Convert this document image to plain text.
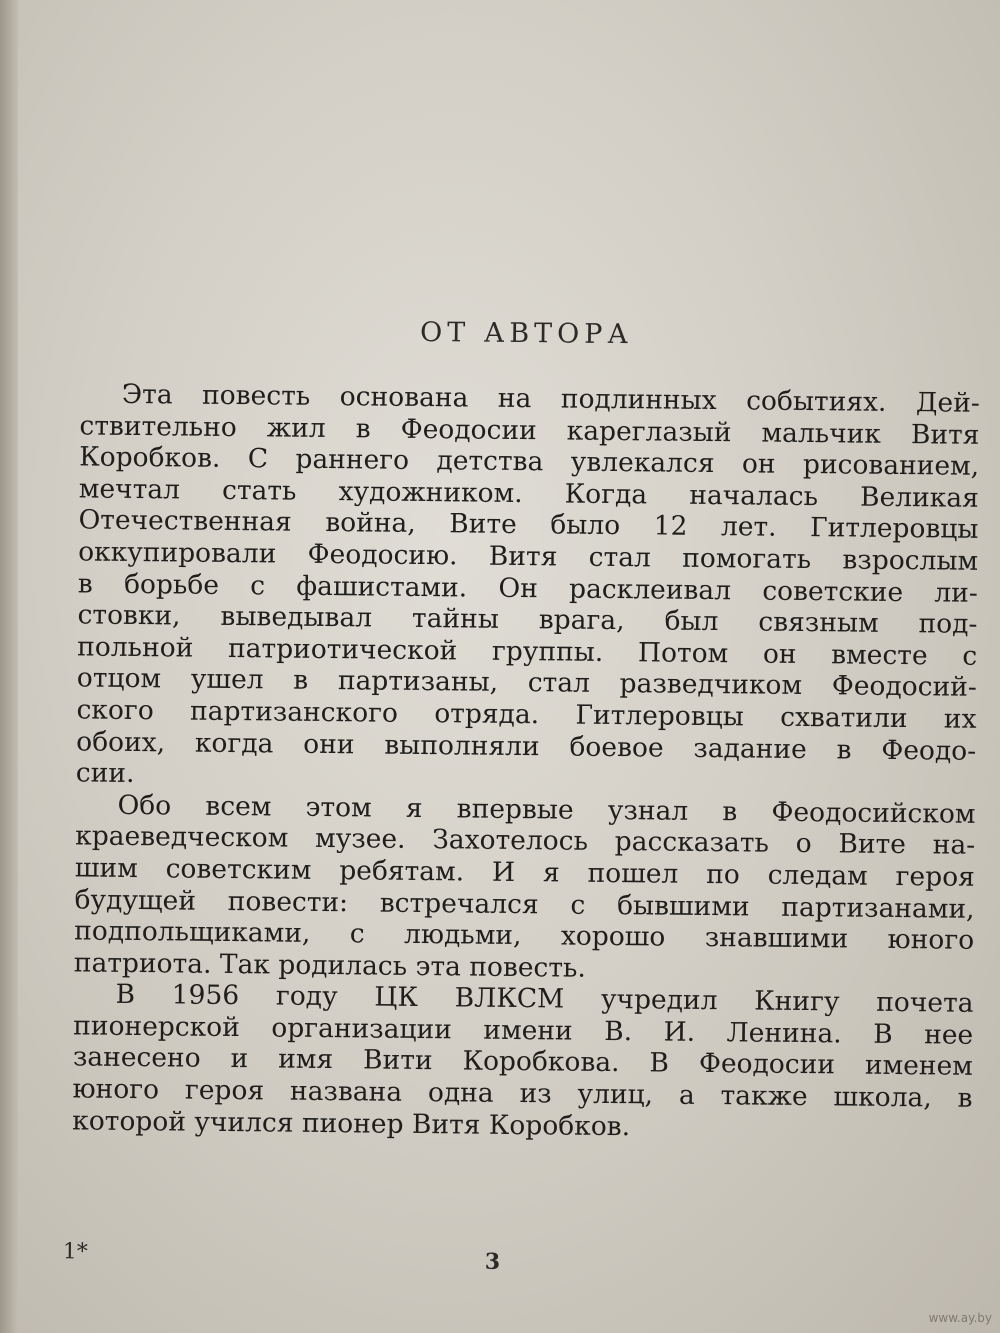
ОТ АВТОРА
Эта повесть основана на подлинных событиях. Дей-
ствительно жил в Феодосии кареглазый мальчик Витя
Коробков. С раннего детства увлекался он рисованием,
мечтал стать художником. Когда началась Великая
Отечественная война, Вите было 12 лет. Гитлеровцы
оккупировали Феодосию. Витя стал помогать взрослым
в борьбе с фашистами. Он расклеивал советские ли-
стовки, выведывал тайны врага, был связным под-
польной патриотической группы. Потом он вместе с
отцом ушел в партизаны, стал разведчиком Феодосий-
ского партизанского отряда. Гитлеровцы схватили их
обоих, когда они выполняли боевое задание в Феодо-
сии.
Обо всем этом я впервые узнал в Феодосийском
краеведческом музее. Захотелось рассказать о Вите на-
шим советским ребятам. И я пошел по следам героя
будущей повести: встречался с бывшими партизанами,
подпольщиками, с людьми, хорошо знавшими юного
патриота. Так родилась эта повесть.
В 1956 году ЦК ВЛКСМ учредил Книгу почета
пионерской организации имени В. И. Ленина. В нее
занесено и имя Вити Коробкова. В Феодосии именем
юного героя названа одна из улиц, а также школа, в
которой учился пионер Витя Коробков.
1*	3
www.ay.by
